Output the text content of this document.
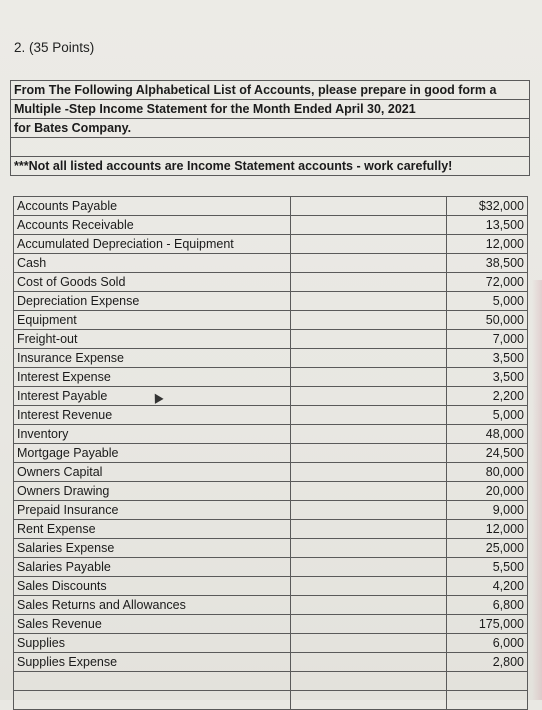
2. (35 Points)
From The Following Alphabetical List of Accounts, please prepare in good form a
Multiple -Step Income Statement for the Month Ended April 30, 2021
for Bates Company.

***Not all listed accounts are Income Statement accounts - work carefully!
Accounts Payable		$32,000
Accounts Receivable		13,500
Accumulated Depreciation - Equipment		12,000
Cash		38,500
Cost of Goods Sold		72,000
Depreciation Expense		5,000
Equipment		50,000
Freight-out		7,000
Insurance Expense		3,500
Interest Expense		3,500
Interest Payable		2,200
Interest Revenue		5,000
Inventory		48,000
Mortgage Payable		24,500
Owners Capital		80,000
Owners Drawing		20,000
Prepaid Insurance		9,000
Rent Expense		12,000
Salaries Expense		25,000
Salaries Payable		5,500
Sales Discounts		4,200
Sales Returns and Allowances		6,800
Sales Revenue		175,000
Supplies		6,000
Supplies Expense		2,800
